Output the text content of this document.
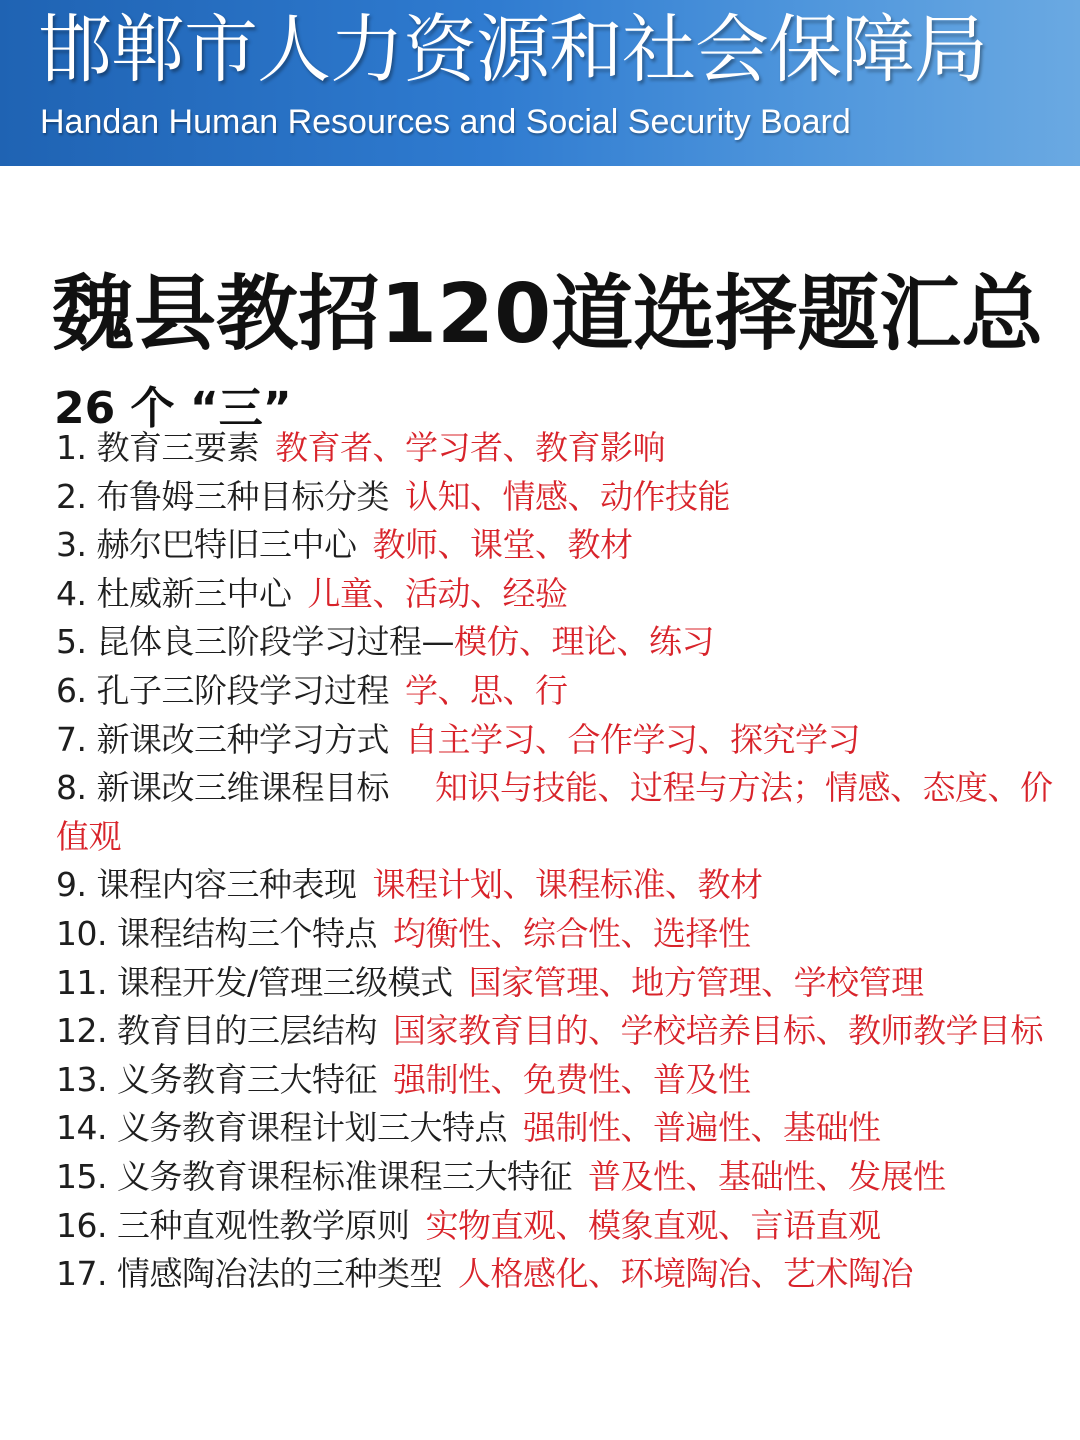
邯郸市人力资源和社会保障局
Handan Human Resources and Social Security Board
魏县教招120道选择题汇总
26 个 “三”
1. 教育三要素 教育者、学习者、教育影响
2. 布鲁姆三种目标分类 认知、情感、动作技能
3. 赫尔巴特旧三中心 教师、课堂、教材
4. 杜威新三中心 儿童、活动、经验
5. 昆体良三阶段学习过程—模仿、理论、练习
6. 孔子三阶段学习过程 学、思、行
7. 新课改三种学习方式 自主学习、合作学习、探究学习
8. 新课改三维课程目标 知识与技能、过程与方法；情感、态度、价值观
9. 课程内容三种表现 课程计划、课程标准、教材
10. 课程结构三个特点 均衡性、综合性、选择性
11. 课程开发/管理三级模式 国家管理、地方管理、学校管理
12. 教育目的三层结构 国家教育目的、学校培养目标、教师教学目标
13. 义务教育三大特征 强制性、免费性、普及性
14. 义务教育课程计划三大特点 强制性、普遍性、基础性
15. 义务教育课程标准课程三大特征 普及性、基础性、发展性
16. 三种直观性教学原则 实物直观、模象直观、言语直观
17. 情感陶冶法的三种类型 人格感化、环境陶冶、艺术陶冶
